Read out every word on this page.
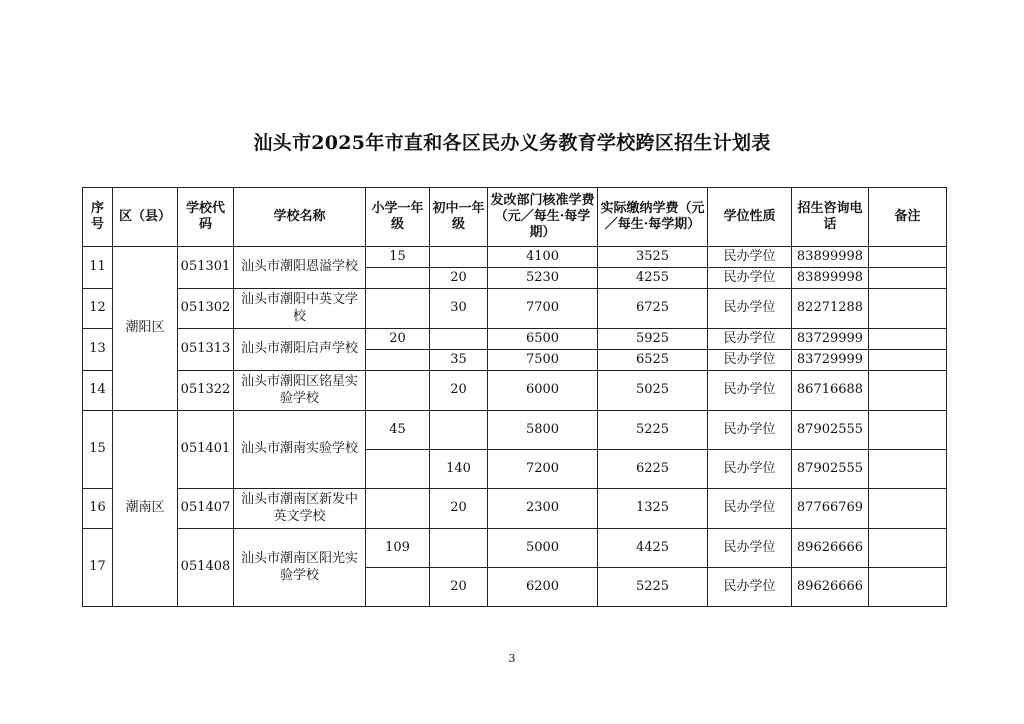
汕头市2025年市直和各区民办义务教育学校跨区招生计划表
序号	区（县）	学校代码	学校名称	小学一年级	初中一年级	发改部门核准学费（元／每生·每学期）	实际缴纳学费（元／每生·每学期）	学位性质	招生咨询电话	备注
11	潮阳区	051301	汕头市潮阳恩溢学校	15		4100	3525	民办学位	83899998	
					20	5230	4255	民办学位	83899998	
12		051302	汕头市潮阳中英文学校		30	7700	6725	民办学位	82271288	
13		051313	汕头市潮阳启声学校	20		6500	5925	民办学位	83729999	
					35	7500	6525	民办学位	83729999	
14		051322	汕头市潮阳区铭星实验学校		20	6000	5025	民办学位	86716688	
15	潮南区	051401	汕头市潮南实验学校	45		5800	5225	民办学位	87902555	
					140	7200	6225	民办学位	87902555	
16		051407	汕头市潮南区新发中英文学校		20	2300	1325	民办学位	87766769	
17		051408	汕头市潮南区阳光实验学校	109		5000	4425	民办学位	89626666	
					20	6200	5225	民办学位	89626666	
3
